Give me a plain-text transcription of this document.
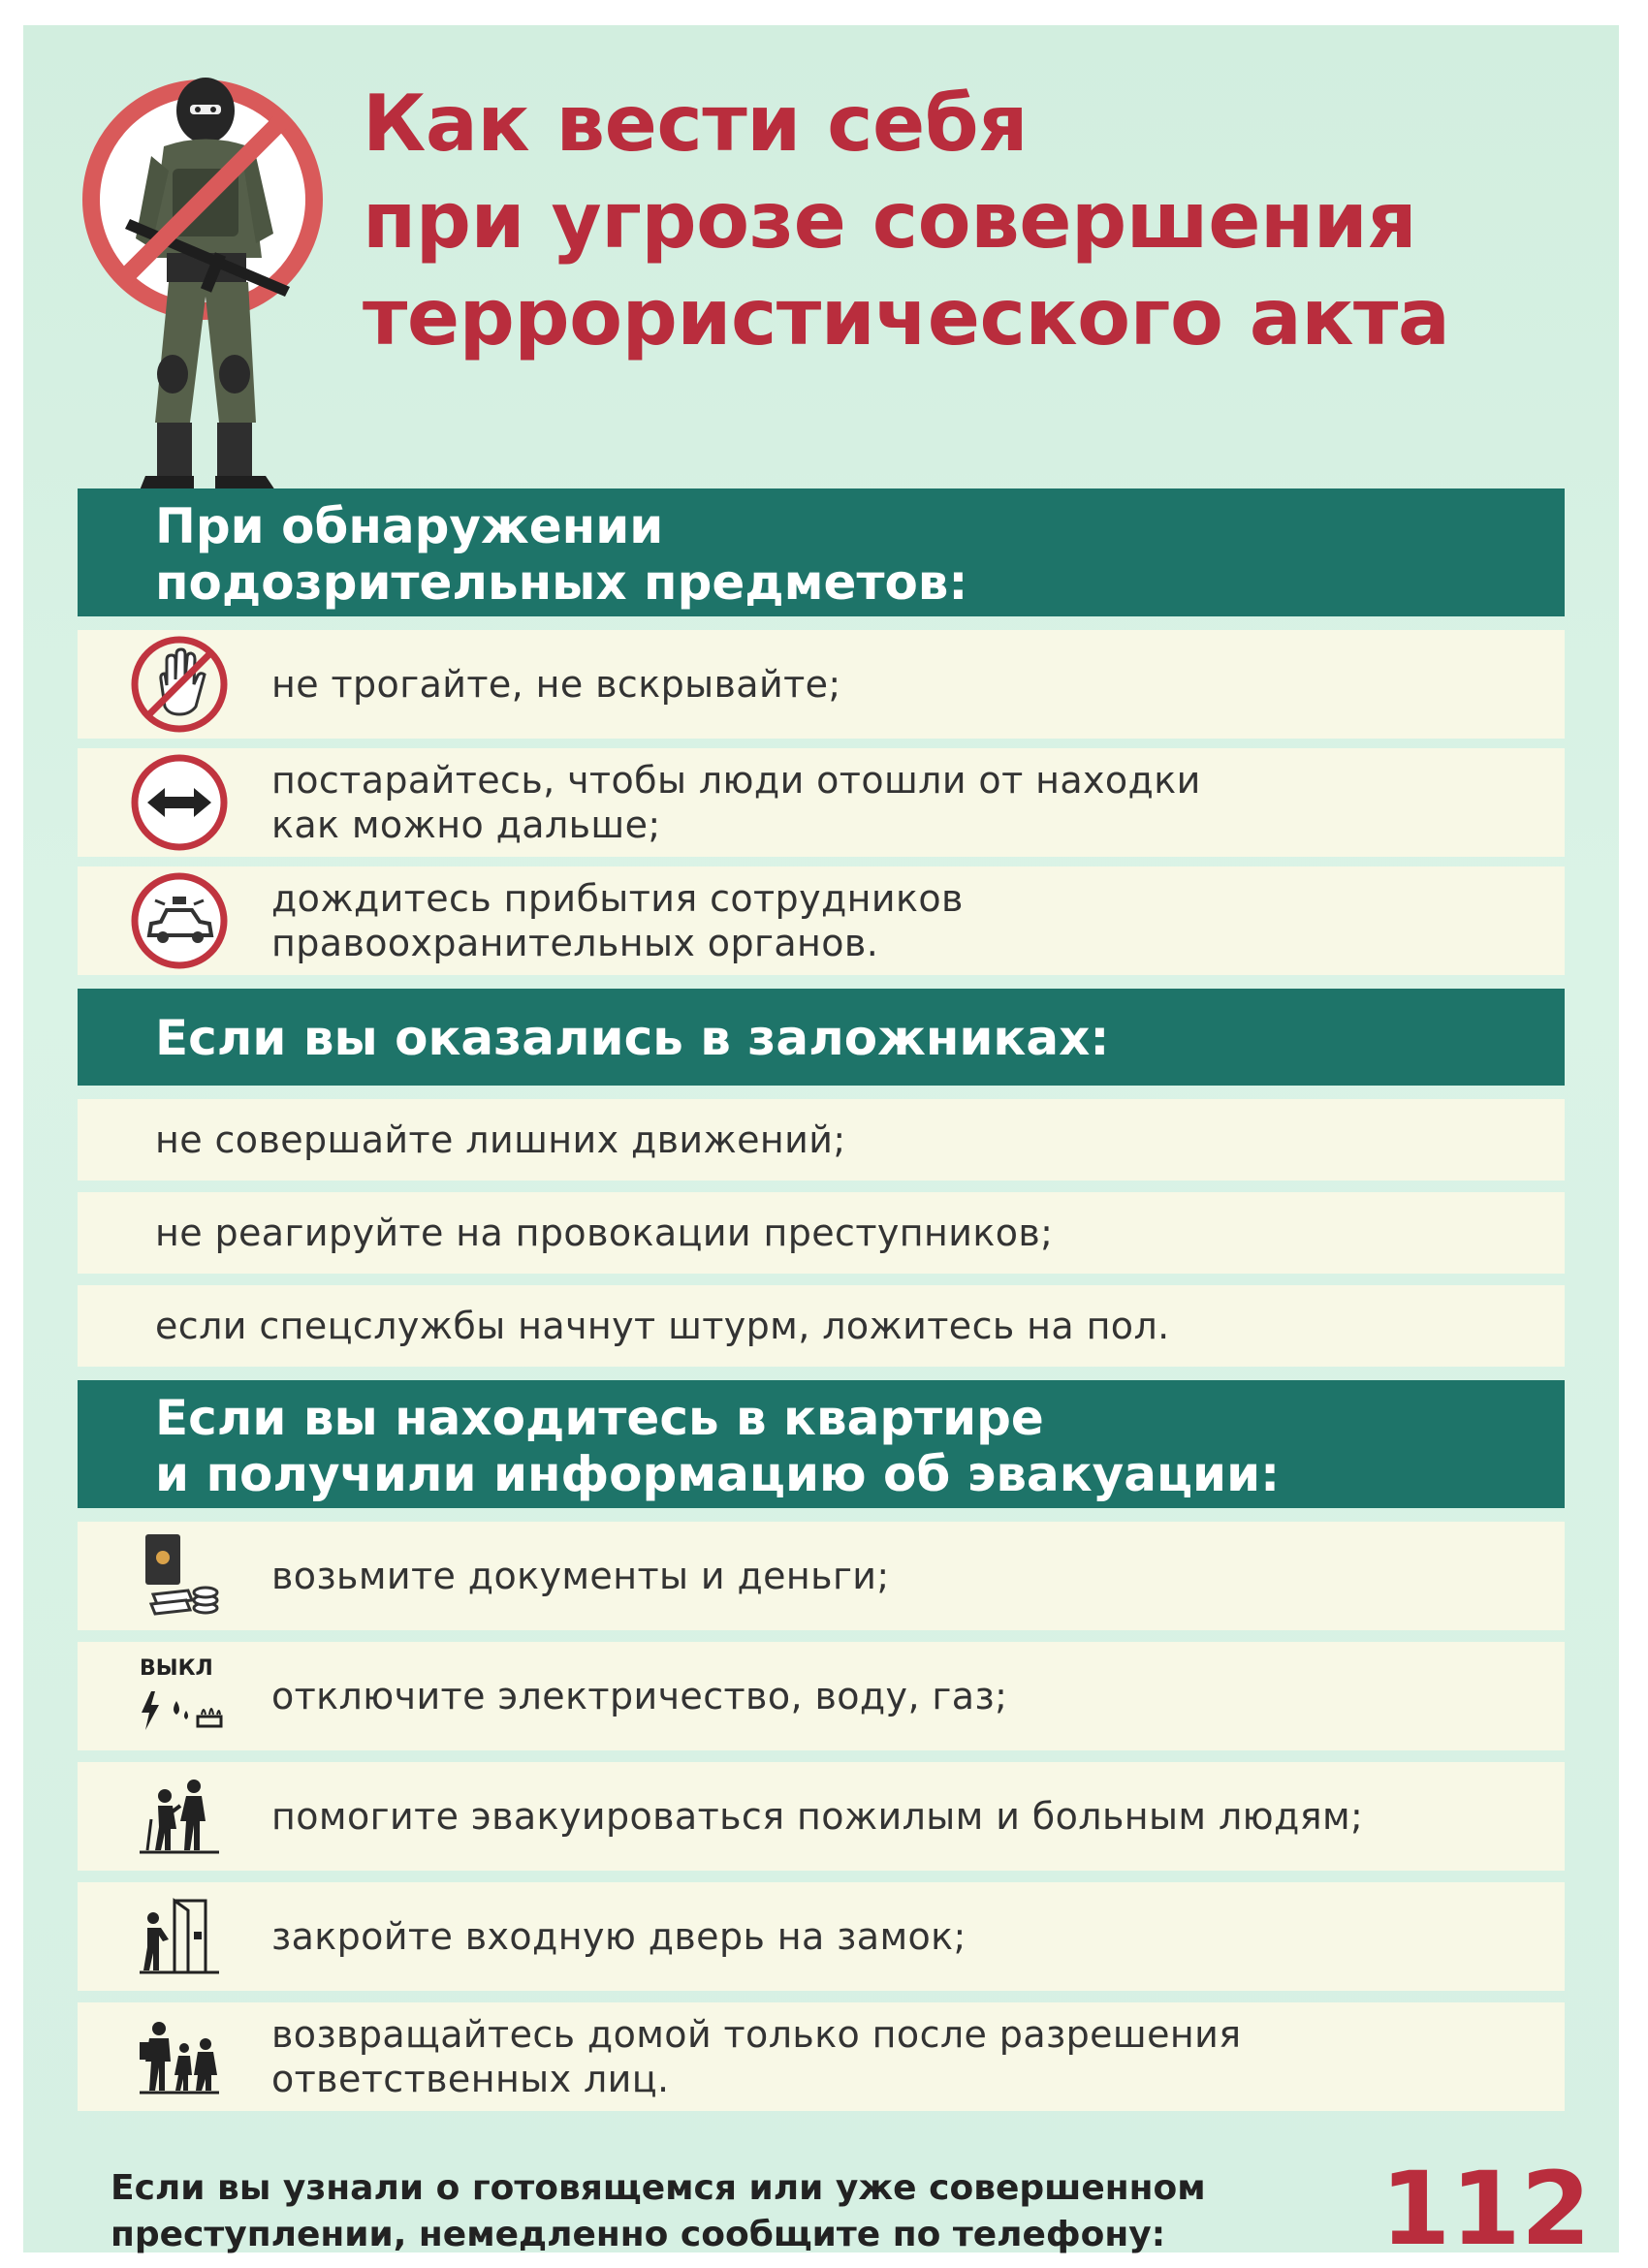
Как вести себя
при угрозе совершения
террористического акта
При обнаружении
подозрительных предметов:
не трогайте, не вскрывайте;
постарайтесь, чтобы люди отошли от находки
как можно дальше;
дождитесь прибытия сотрудников
правоохранительных органов.
Если вы оказались в заложниках:
не совершайте лишних движений;
не реагируйте на провокации преступников;
если спецслужбы начнут штурм, ложитесь на пол.
Если вы находитесь в квартире
и получили информацию об эвакуации:
возьмите документы и деньги;
ВЫКЛ
отключите электричество, воду, газ;
помогите эвакуироваться пожилым и больным людям;
закройте входную дверь на замок;
возвращайтесь домой только после разрешения
ответственных лиц.
Если вы узнали о готовящемся или уже совершенном
преступлении, немедленно сообщите по телефону:	112
